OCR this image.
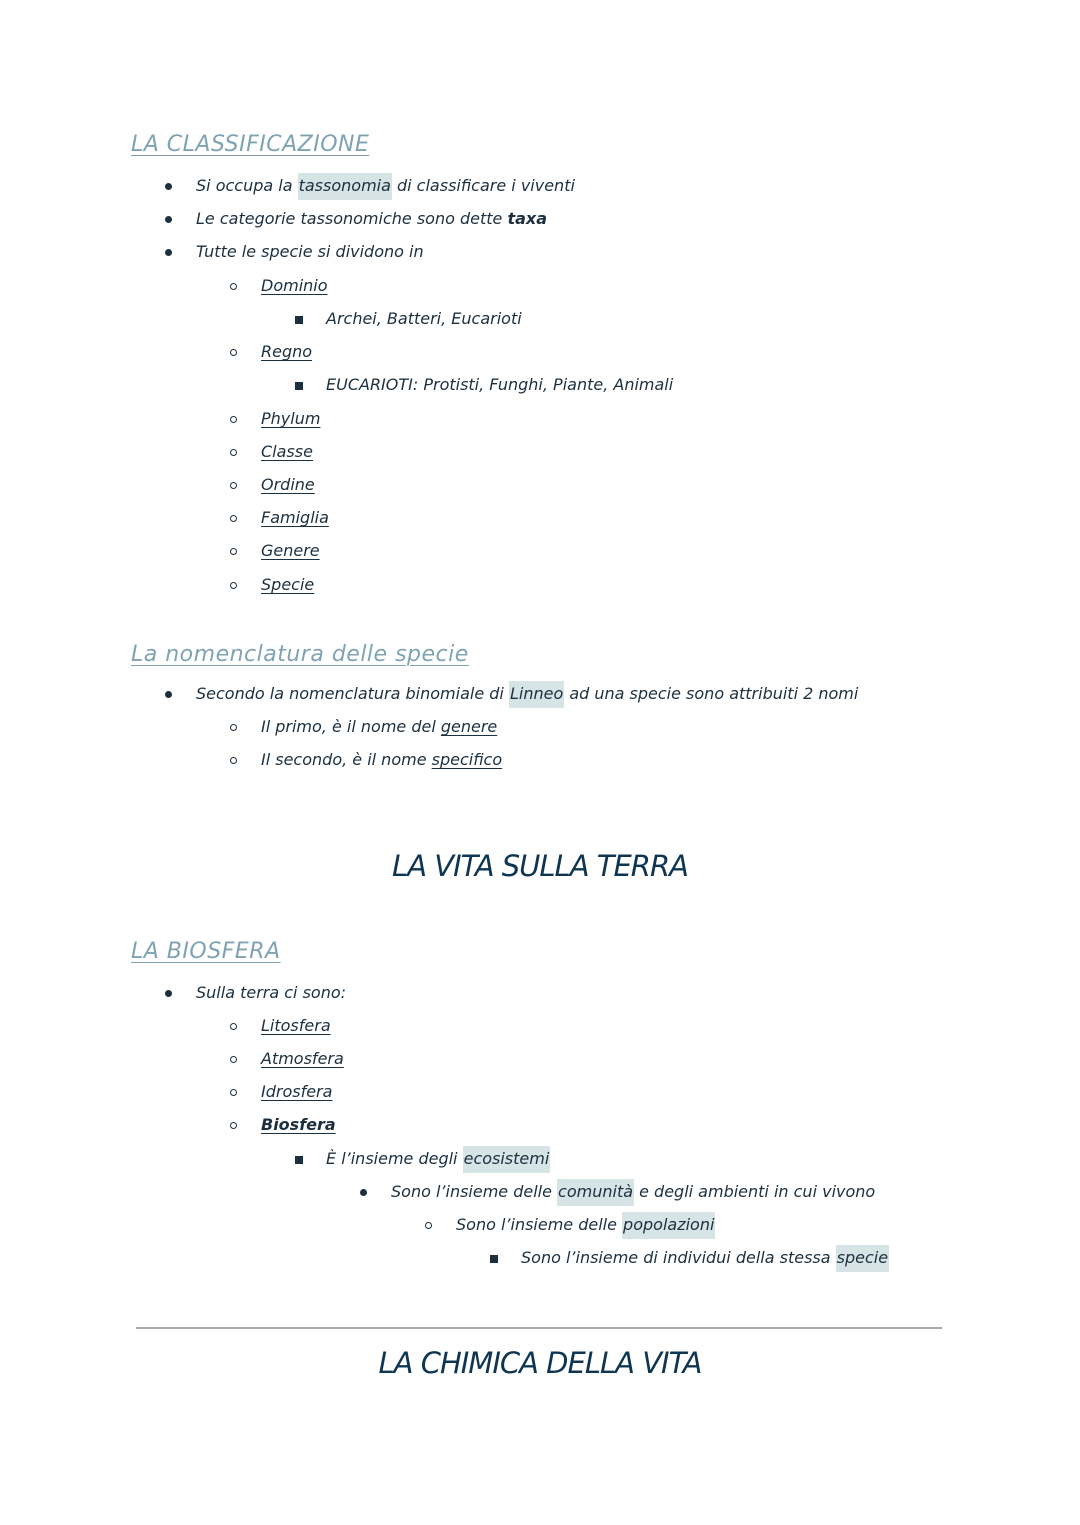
LA CLASSIFICAZIONE
Si occupa la tassonomia di classificare i viventi
Le categorie tassonomiche sono dette taxa
Tutte le specie si dividono in
Dominio
Archei, Batteri, Eucarioti
Regno
EUCARIOTI: Protisti, Funghi, Piante, Animali
Phylum
Classe
Ordine
Famiglia
Genere
Specie
La nomenclatura delle specie
Secondo la nomenclatura binomiale di Linneo ad una specie sono attribuiti 2 nomi
Il primo, è il nome del genere
Il secondo, è il nome specifico
LA VITA SULLA TERRA
LA BIOSFERA
Sulla terra ci sono:
Litosfera
Atmosfera
Idrosfera
Biosfera
È l’insieme degli ecosistemi
Sono l’insieme delle comunità e degli ambienti in cui vivono
Sono l’insieme delle popolazioni
Sono l’insieme di individui della stessa specie
LA CHIMICA DELLA VITA
